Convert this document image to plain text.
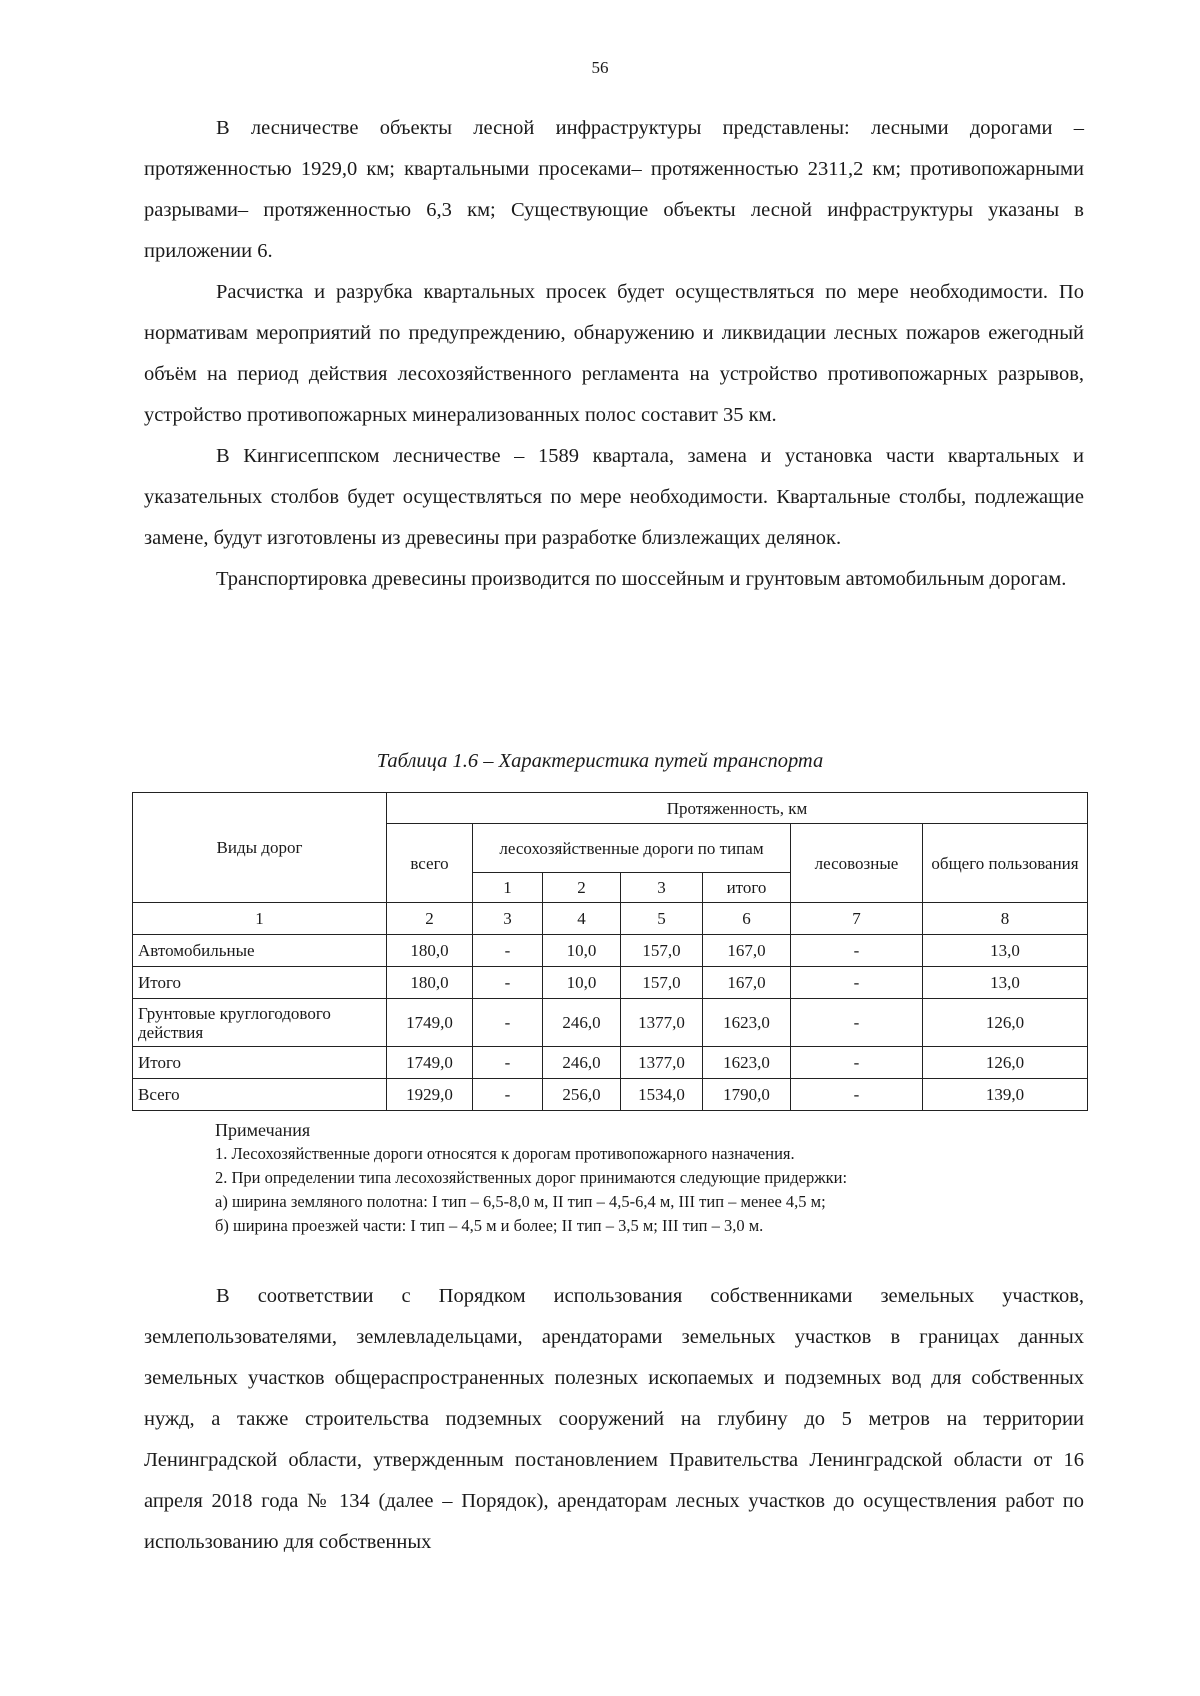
56

В лесничестве объекты лесной инфраструктуры представлены: лесными дорогами – протяженностью 1929,0 км; квартальными просеками– протяженностью 2311,2 км; противопожарными разрывами– протяженностью 6,3 км; Существующие объекты лесной инфраструктуры указаны в приложении 6.

Расчистка и разрубка квартальных просек будет осуществляться по мере необходимости. По нормативам мероприятий по предупреждению, обнаружению и ликвидации лесных пожаров ежегодный объём на период действия лесохозяйственного регламента на устройство противопожарных разрывов, устройство противопожарных минерализованных полос составит 35 км.

В Кингисеппском лесничестве – 1589 квартала, замена и установка части квартальных и указательных столбов будет осуществляться по мере необходимости. Квартальные столбы, подлежащие замене, будут изготовлены из древесины при разработке близлежащих делянок.

Транспортировка древесины производится по шоссейным и грунтовым автомобильным дорогам.

Таблица 1.6 – Характеристика путей транспорта
Виды дорог	Протяженность, км						
	всего	лесохозяйственные дороги по типам				лесовозные	общего пользования
		1	2	3	итого		
1	2	3	4	5	6	7	8
Автомобильные	180,0	-	10,0	157,0	167,0	-	13,0
Итого	180,0	-	10,0	157,0	167,0	-	13,0
Грунтовые круглогодового действия	1749,0	-	246,0	1377,0	1623,0	-	126,0
Итого	1749,0	-	246,0	1377,0	1623,0	-	126,0
Всего	1929,0	-	256,0	1534,0	1790,0	-	139,0
Примечания
1. Лесохозяйственные дороги относятся к дорогам противопожарного назначения.
2. При определении типа лесохозяйственных дорог принимаются следующие придержки:
а) ширина земляного полотна: I тип – 6,5-8,0 м, II тип – 4,5-6,4 м, III тип – менее 4,5 м;
б) ширина проезжей части: I тип – 4,5 м и более; II тип – 3,5 м; III тип – 3,0 м.

В соответствии с Порядком использования собственниками земельных участков, землепользователями, землевладельцами, арендаторами земельных участков в границах данных земельных участков общераспространенных полезных ископаемых и подземных вод для собственных нужд, а также строительства подземных сооружений на глубину до 5 метров на территории Ленинградской области, утвержденным постановлением Правительства Ленинградской области от 16 апреля 2018 года № 134 (далее – Порядок), арендаторам лесных участков до осуществления работ по использованию для собственных
